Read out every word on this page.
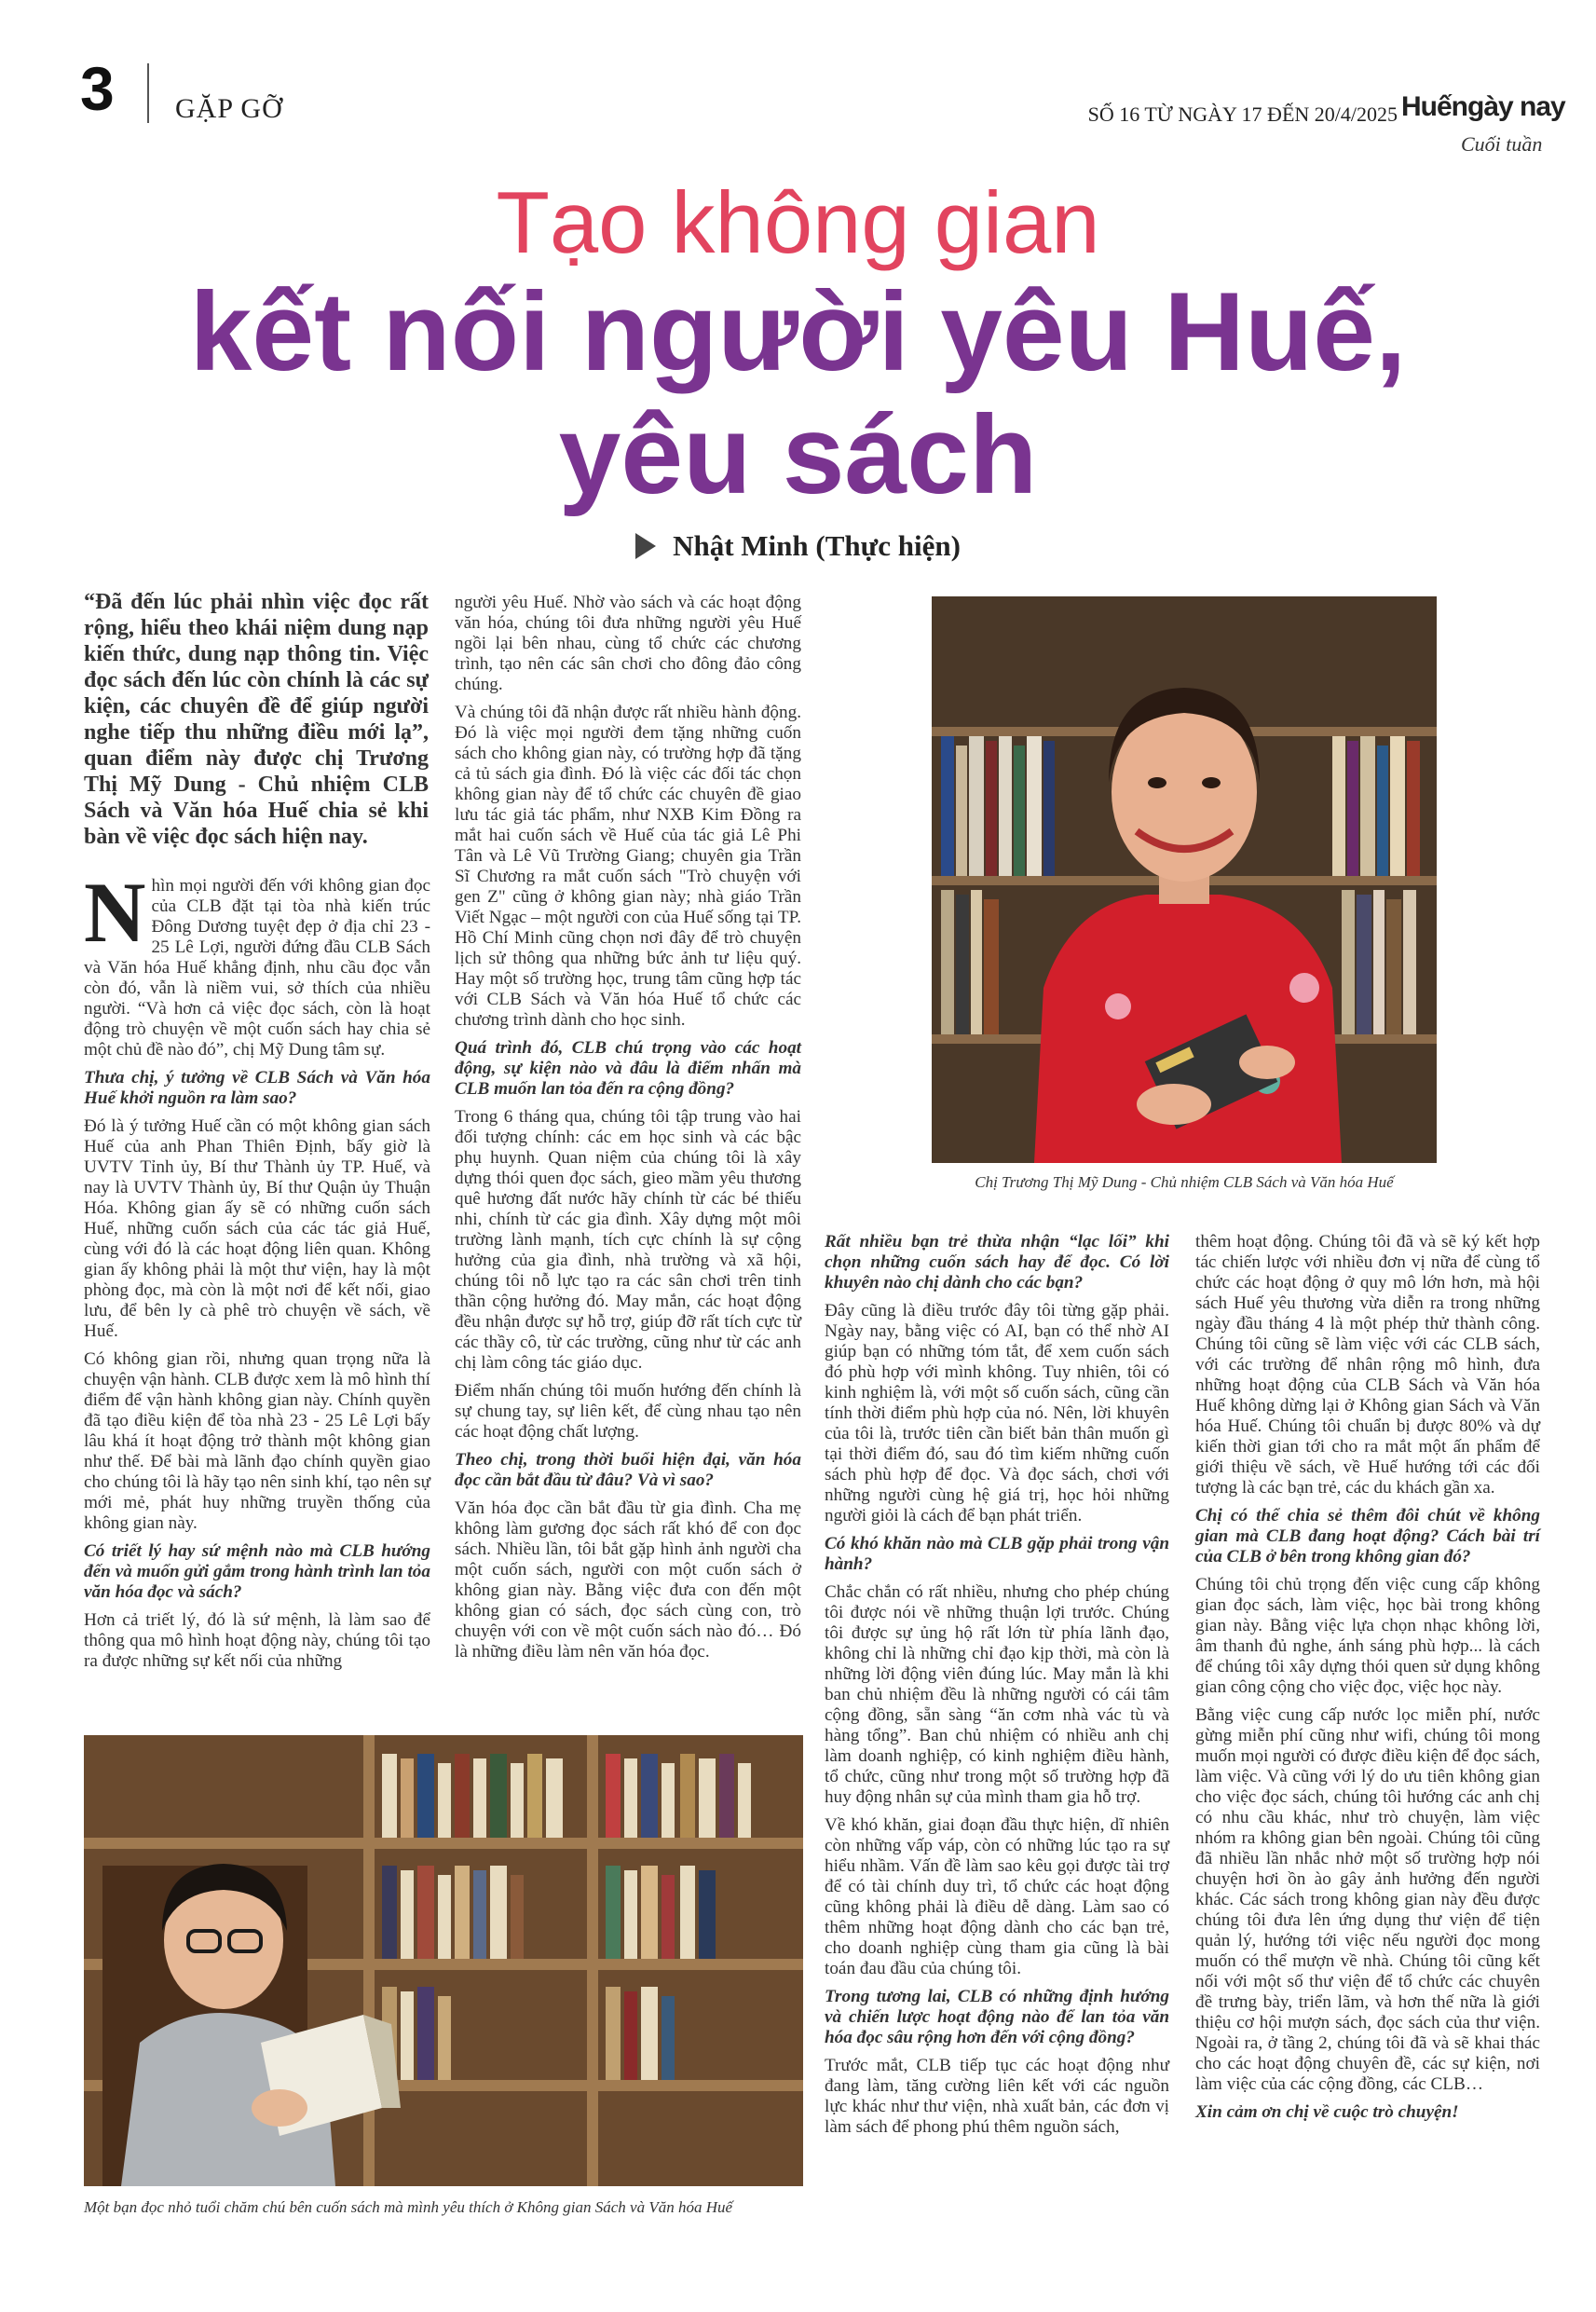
3 GẶP GỠ	SỐ 16 TỪ NGÀY 17 ĐẾN 20/4/2025 Huếngày nay
Cuối tuần
Tạo không gian
kết nối người yêu Huế,
yêu sách
Nhật Minh (Thực hiện)
“Đã đến lúc phải nhìn việc đọc rất rộng, hiểu theo khái niệm dung nạp kiến thức, dung nạp thông tin. Việc đọc sách đến lúc còn chính là các sự kiện, các chuyên đề để giúp người nghe tiếp thu những điều mới lạ”, quan điểm này được chị Trương Thị Mỹ Dung - Chủ nhiệm CLB Sách và Văn hóa Huế chia sẻ khi bàn về việc đọc sách hiện nay.

Nhìn mọi người đến với không gian đọc của CLB đặt tại tòa nhà kiến trúc Đông Dương tuyệt đẹp ở địa chỉ 23 - 25 Lê Lợi, người đứng đầu CLB Sách và Văn hóa Huế khẳng định, nhu cầu đọc vẫn còn đó, vẫn là niềm vui, sở thích của nhiều người. “Và hơn cả việc đọc sách, còn là hoạt động trò chuyện về một cuốn sách hay chia sẻ một chủ đề nào đó”, chị Mỹ Dung tâm sự.

Thưa chị, ý tưởng về CLB Sách và Văn hóa Huế khởi nguồn ra làm sao?

Đó là ý tưởng Huế cần có một không gian sách Huế của anh Phan Thiên Định, bấy giờ là UVTV Tỉnh ủy, Bí thư Thành ủy TP. Huế, và nay là UVTV Thành ủy, Bí thư Quận ủy Thuận Hóa. Không gian ấy sẽ có những cuốn sách Huế, những cuốn sách của các tác giả Huế, cùng với đó là các hoạt động liên quan. Không gian ấy không phải là một thư viện, hay là một phòng đọc, mà còn là một nơi để kết nối, giao lưu, để bên ly cà phê trò chuyện về sách, về Huế.

Có không gian rồi, nhưng quan trọng nữa là chuyện vận hành. CLB được xem là mô hình thí điểm để vận hành không gian này. Chính quyền đã tạo điều kiện để tòa nhà 23 - 25 Lê Lợi bấy lâu khá ít hoạt động trở thành một không gian như thế. Để bài mà lãnh đạo chính quyền giao cho chúng tôi là hãy tạo nên sinh khí, tạo nên sự mới mẻ, phát huy những truyền thống của không gian này.

Có triết lý hay sứ mệnh nào mà CLB hướng đến và muốn gửi gắm trong hành trình lan tỏa văn hóa đọc và sách?

Hơn cả triết lý, đó là sứ mệnh, là làm sao để thông qua mô hình hoạt động này, chúng tôi tạo ra được những sự kết nối của những

người yêu Huế. Nhờ vào sách và các hoạt động văn hóa, chúng tôi đưa những người yêu Huế ngồi lại bên nhau, cùng tổ chức các chương trình, tạo nên các sân chơi cho đông đảo công chúng.

Và chúng tôi đã nhận được rất nhiều hành động. Đó là việc mọi người đem tặng những cuốn sách cho không gian này, có trường hợp đã tặng cả tủ sách gia đình. Đó là việc các đối tác chọn không gian này để tổ chức các chuyên đề giao lưu tác giả tác phẩm, như NXB Kim Đồng ra mắt hai cuốn sách về Huế của tác giả Lê Phi Tân và Lê Vũ Trường Giang; chuyên gia Trần Sĩ Chương ra mắt cuốn sách "Trò chuyện với gen Z" cũng ở không gian này; nhà giáo Trần Viết Ngạc – một người con của Huế sống tại TP. Hồ Chí Minh cũng chọn nơi đây để trò chuyện lịch sử thông qua những bức ảnh tư liệu quý. Hay một số trường học, trung tâm cũng hợp tác với CLB Sách và Văn hóa Huế tổ chức các chương trình dành cho học sinh.

Quá trình đó, CLB chú trọng vào các hoạt động, sự kiện nào và đâu là điểm nhấn mà CLB muốn lan tỏa đến ra cộng đồng?

Trong 6 tháng qua, chúng tôi tập trung vào hai đối tượng chính: các em học sinh và các bậc phụ huynh. Quan niệm của chúng tôi là xây dựng thói quen đọc sách, gieo mầm yêu thương quê hương đất nước hãy chính từ các bé thiếu nhi, chính từ các gia đình. Xây dựng một môi trường lành mạnh, tích cực chính là sự cộng hưởng của gia đình, nhà trường và xã hội, chúng tôi nỗ lực tạo ra các sân chơi trên tinh thần cộng hưởng đó. May mắn, các hoạt động đều nhận được sự hỗ trợ, giúp đỡ rất tích cực từ các thầy cô, từ các trường, cũng như từ các anh chị làm công tác giáo dục.

Điểm nhấn chúng tôi muốn hướng đến chính là sự chung tay, sự liên kết, để cùng nhau tạo nên các hoạt động chất lượng.

Theo chị, trong thời buổi hiện đại, văn hóa đọc cần bắt đầu từ đâu? Và vì sao?

Văn hóa đọc cần bắt đầu từ gia đình. Cha mẹ không làm gương đọc sách rất khó để con đọc sách. Nhiều lần, tôi bắt gặp hình ảnh người cha một cuốn sách, người con một cuốn sách ở không gian này. Bằng việc đưa con đến một không gian có sách, đọc sách cùng con, trò chuyện với con về một cuốn sách nào đó… Đó là những điều làm nên văn hóa đọc.

Chị Trương Thị Mỹ Dung - Chủ nhiệm CLB Sách và Văn hóa Huế

Rất nhiều bạn trẻ thừa nhận “lạc lối” khi chọn những cuốn sách hay để đọc. Có lời khuyên nào chị dành cho các bạn?

Đây cũng là điều trước đây tôi từng gặp phải. Ngày nay, bằng việc có AI, bạn có thể nhờ AI giúp bạn có những tóm tắt, để xem cuốn sách đó phù hợp với mình không. Tuy nhiên, tôi có kinh nghiệm là, với một số cuốn sách, cũng cần tính thời điểm phù hợp của nó. Nên, lời khuyên của tôi là, trước tiên cần biết bản thân muốn gì tại thời điểm đó, sau đó tìm kiếm những cuốn sách phù hợp để đọc. Và đọc sách, chơi với những người cùng hệ giá trị, học hỏi những người giỏi là cách để bạn phát triển.

Có khó khăn nào mà CLB gặp phải trong vận hành?

Chắc chắn có rất nhiều, nhưng cho phép chúng tôi được nói về những thuận lợi trước. Chúng tôi được sự ủng hộ rất lớn từ phía lãnh đạo, không chỉ là những chỉ đạo kịp thời, mà còn là những lời động viên đúng lúc. May mắn là khi ban chủ nhiệm đều là những người có cái tâm cộng đồng, sẵn sàng “ăn cơm nhà vác tù và hàng tổng”. Ban chủ nhiệm có nhiều anh chị làm doanh nghiệp, có kinh nghiệm điều hành, tổ chức, cũng như trong một số trường hợp đã huy động nhân sự của mình tham gia hỗ trợ.

Về khó khăn, giai đoạn đầu thực hiện, dĩ nhiên còn những vấp váp, còn có những lúc tạo ra sự hiểu nhầm. Vấn đề làm sao kêu gọi được tài trợ để có tài chính duy trì, tổ chức các hoạt động cũng không phải là điều dễ dàng. Làm sao có thêm những hoạt động dành cho các bạn trẻ, cho doanh nghiệp cùng tham gia cũng là bài toán đau đầu của chúng tôi.

Trong tương lai, CLB có những định hướng và chiến lược hoạt động nào để lan tỏa văn hóa đọc sâu rộng hơn đến với cộng đồng?

Trước mắt, CLB tiếp tục các hoạt động như đang làm, tăng cường liên kết với các nguồn lực khác như thư viện, nhà xuất bản, các đơn vị làm sách để phong phú thêm nguồn sách,

thêm hoạt động. Chúng tôi đã và sẽ ký kết hợp tác chiến lược với nhiều đơn vị nữa để cùng tổ chức các hoạt động ở quy mô lớn hơn, mà hội sách Huế yêu thương vừa diễn ra trong những ngày đầu tháng 4 là một phép thử thành công. Chúng tôi cũng sẽ làm việc với các CLB sách, với các trường để nhân rộng mô hình, đưa những hoạt động của CLB Sách và Văn hóa Huế không dừng lại ở Không gian Sách và Văn hóa Huế. Chúng tôi chuẩn bị được 80% và dự kiến thời gian tới cho ra mắt một ấn phẩm để giới thiệu về sách, về Huế hướng tới các đối tượng là các bạn trẻ, các du khách gần xa.

Chị có thể chia sẻ thêm đôi chút về không gian mà CLB đang hoạt động? Cách bài trí của CLB ở bên trong không gian đó?

Chúng tôi chủ trọng đến việc cung cấp không gian đọc sách, làm việc, học bài trong không gian này. Bằng việc lựa chọn nhạc không lời, âm thanh đủ nghe, ánh sáng phù hợp... là cách để chúng tôi xây dựng thói quen sử dụng không gian công cộng cho việc đọc, việc học này.

Bằng việc cung cấp nước lọc miễn phí, nước gừng miễn phí cũng như wifi, chúng tôi mong muốn mọi người có được điều kiện để đọc sách, làm việc. Và cũng với lý do ưu tiên không gian cho việc đọc sách, chúng tôi hướng các anh chị có nhu cầu khác, như trò chuyện, làm việc nhóm ra không gian bên ngoài. Chúng tôi cũng đã nhiều lần nhắc nhở một số trường hợp nói chuyện hơi ồn ào gây ảnh hưởng đến người khác. Các sách trong không gian này đều được chúng tôi đưa lên ứng dụng thư viện để tiện quản lý, hướng tới việc nếu người đọc mong muốn có thể mượn về nhà. Chúng tôi cũng kết nối với một số thư viện để tổ chức các chuyên đề trưng bày, triển lãm, và hơn thế nữa là giới thiệu cơ hội mượn sách, đọc sách của thư viện. Ngoài ra, ở tầng 2, chúng tôi đã và sẽ khai thác cho các hoạt động chuyên đề, các sự kiện, nơi làm việc của các cộng đồng, các CLB…

Xin cảm ơn chị về cuộc trò chuyện!

Một bạn đọc nhỏ tuổi chăm chú bên cuốn sách mà mình yêu thích ở Không gian Sách và Văn hóa Huế
